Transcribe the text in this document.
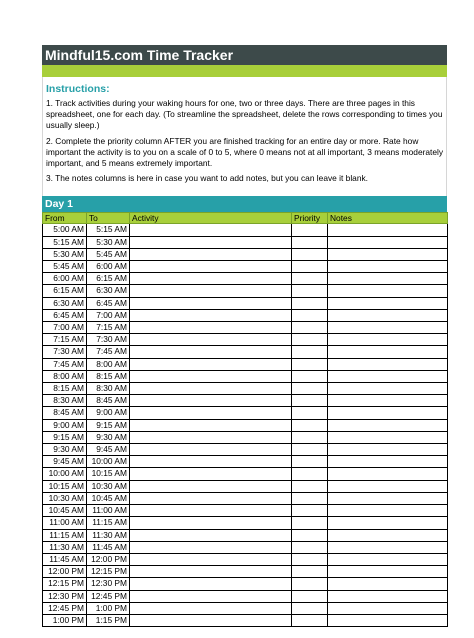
Mindful15.com Time Tracker
Instructions:

1. Track activities during your waking hours for one, two or three days. There are three pages in this spreadsheet, one for each day. (To streamline the spreadsheet, delete the rows corresponding to times you usually sleep.)

2. Complete the priority column AFTER you are finished tracking for an entire day or more. Rate how important the activity is to you on a scale of 0 to 5, where 0 means not at all important, 3 means moderately important, and 5 means extremely important.

3. The notes columns is here in case you want to add notes, but you can leave it blank.

Day 1
From	To	Activity	Priority	Notes
5:00 AM	5:15 AM			
5:15 AM	5:30 AM			
5:30 AM	5:45 AM			
5:45 AM	6:00 AM			
6:00 AM	6:15 AM			
6:15 AM	6:30 AM			
6:30 AM	6:45 AM			
6:45 AM	7:00 AM			
7:00 AM	7:15 AM			
7:15 AM	7:30 AM			
7:30 AM	7:45 AM			
7:45 AM	8:00 AM			
8:00 AM	8:15 AM			
8:15 AM	8:30 AM			
8:30 AM	8:45 AM			
8:45 AM	9:00 AM			
9:00 AM	9:15 AM			
9:15 AM	9:30 AM			
9:30 AM	9:45 AM			
9:45 AM	10:00 AM			
10:00 AM	10:15 AM			
10:15 AM	10:30 AM			
10:30 AM	10:45 AM			
10:45 AM	11:00 AM			
11:00 AM	11:15 AM			
11:15 AM	11:30 AM			
11:30 AM	11:45 AM			
11:45 AM	12:00 PM			
12:00 PM	12:15 PM			
12:15 PM	12:30 PM			
12:30 PM	12:45 PM			
12:45 PM	1:00 PM			
1:00 PM	1:15 PM			
